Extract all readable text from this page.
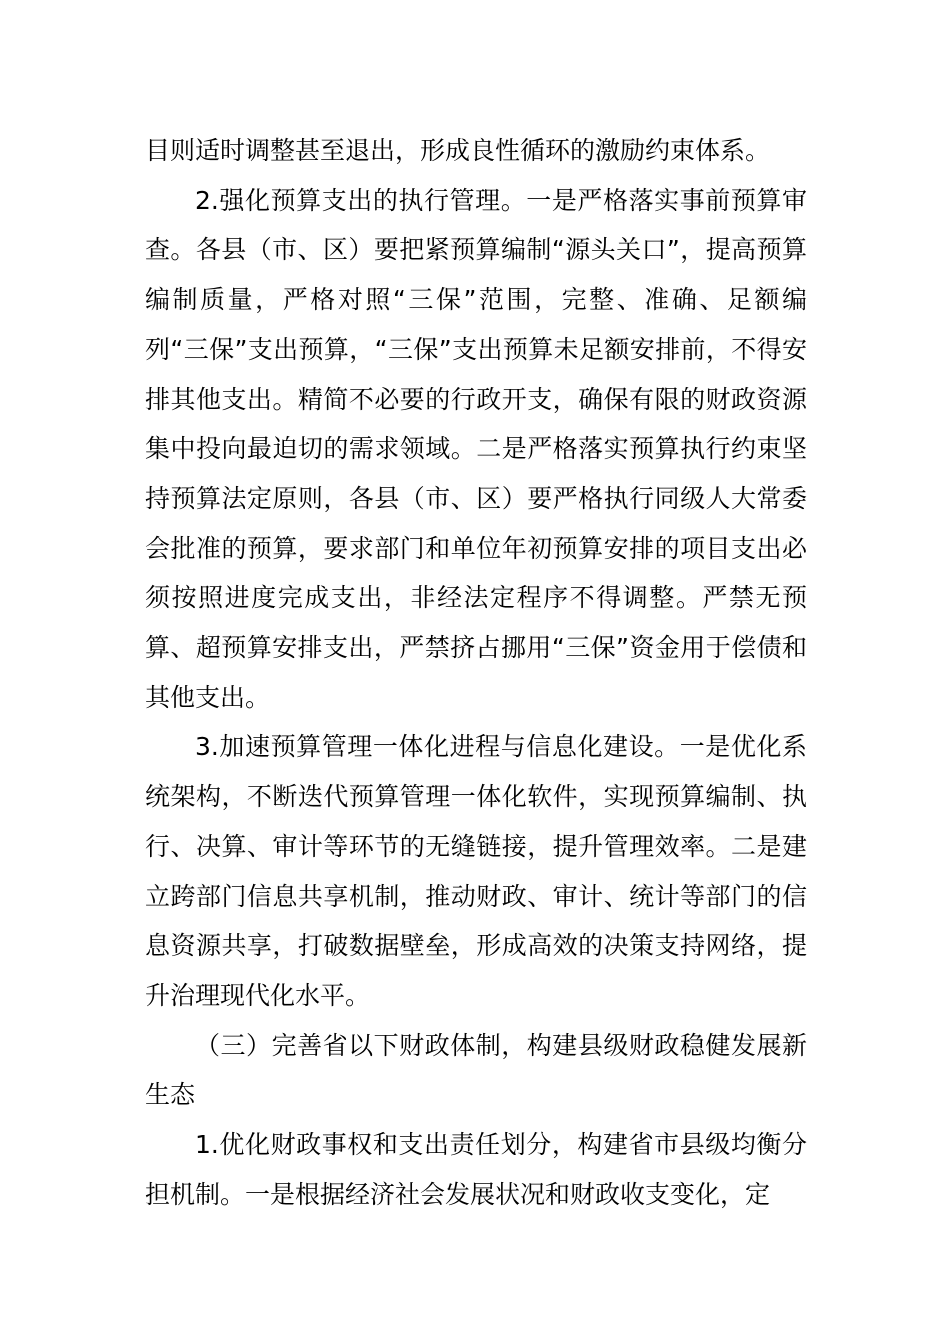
目则适时调整甚至退出，形成良性循环的激励约束体系。

2.强化预算支出的执行管理。一是严格落实事前预算审查。各县（市、区）要把紧预算编制“源头关口”，提高预算编制质量，严格对照“三保”范围，完整、准确、足额编列“三保”支出预算，“三保”支出预算未足额安排前，不得安排其他支出。精简不必要的行政开支，确保有限的财政资源集中投向最迫切的需求领域。二是严格落实预算执行约束坚持预算法定原则，各县（市、区）要严格执行同级人大常委会批准的预算，要求部门和单位年初预算安排的项目支出必须按照进度完成支出，非经法定程序不得调整。严禁无预算、超预算安排支出，严禁挤占挪用“三保”资金用于偿债和其他支出。

3.加速预算管理一体化进程与信息化建设。一是优化系统架构，不断迭代预算管理一体化软件，实现预算编制、执行、决算、审计等环节的无缝链接，提升管理效率。二是建立跨部门信息共享机制，推动财政、审计、统计等部门的信息资源共享，打破数据壁垒，形成高效的决策支持网络，提升治理现代化水平。

（三）完善省以下财政体制，构建县级财政稳健发展新生态

1.优化财政事权和支出责任划分，构建省市县级均衡分担机制。一是根据经济社会发展状况和财政收支变化，定
